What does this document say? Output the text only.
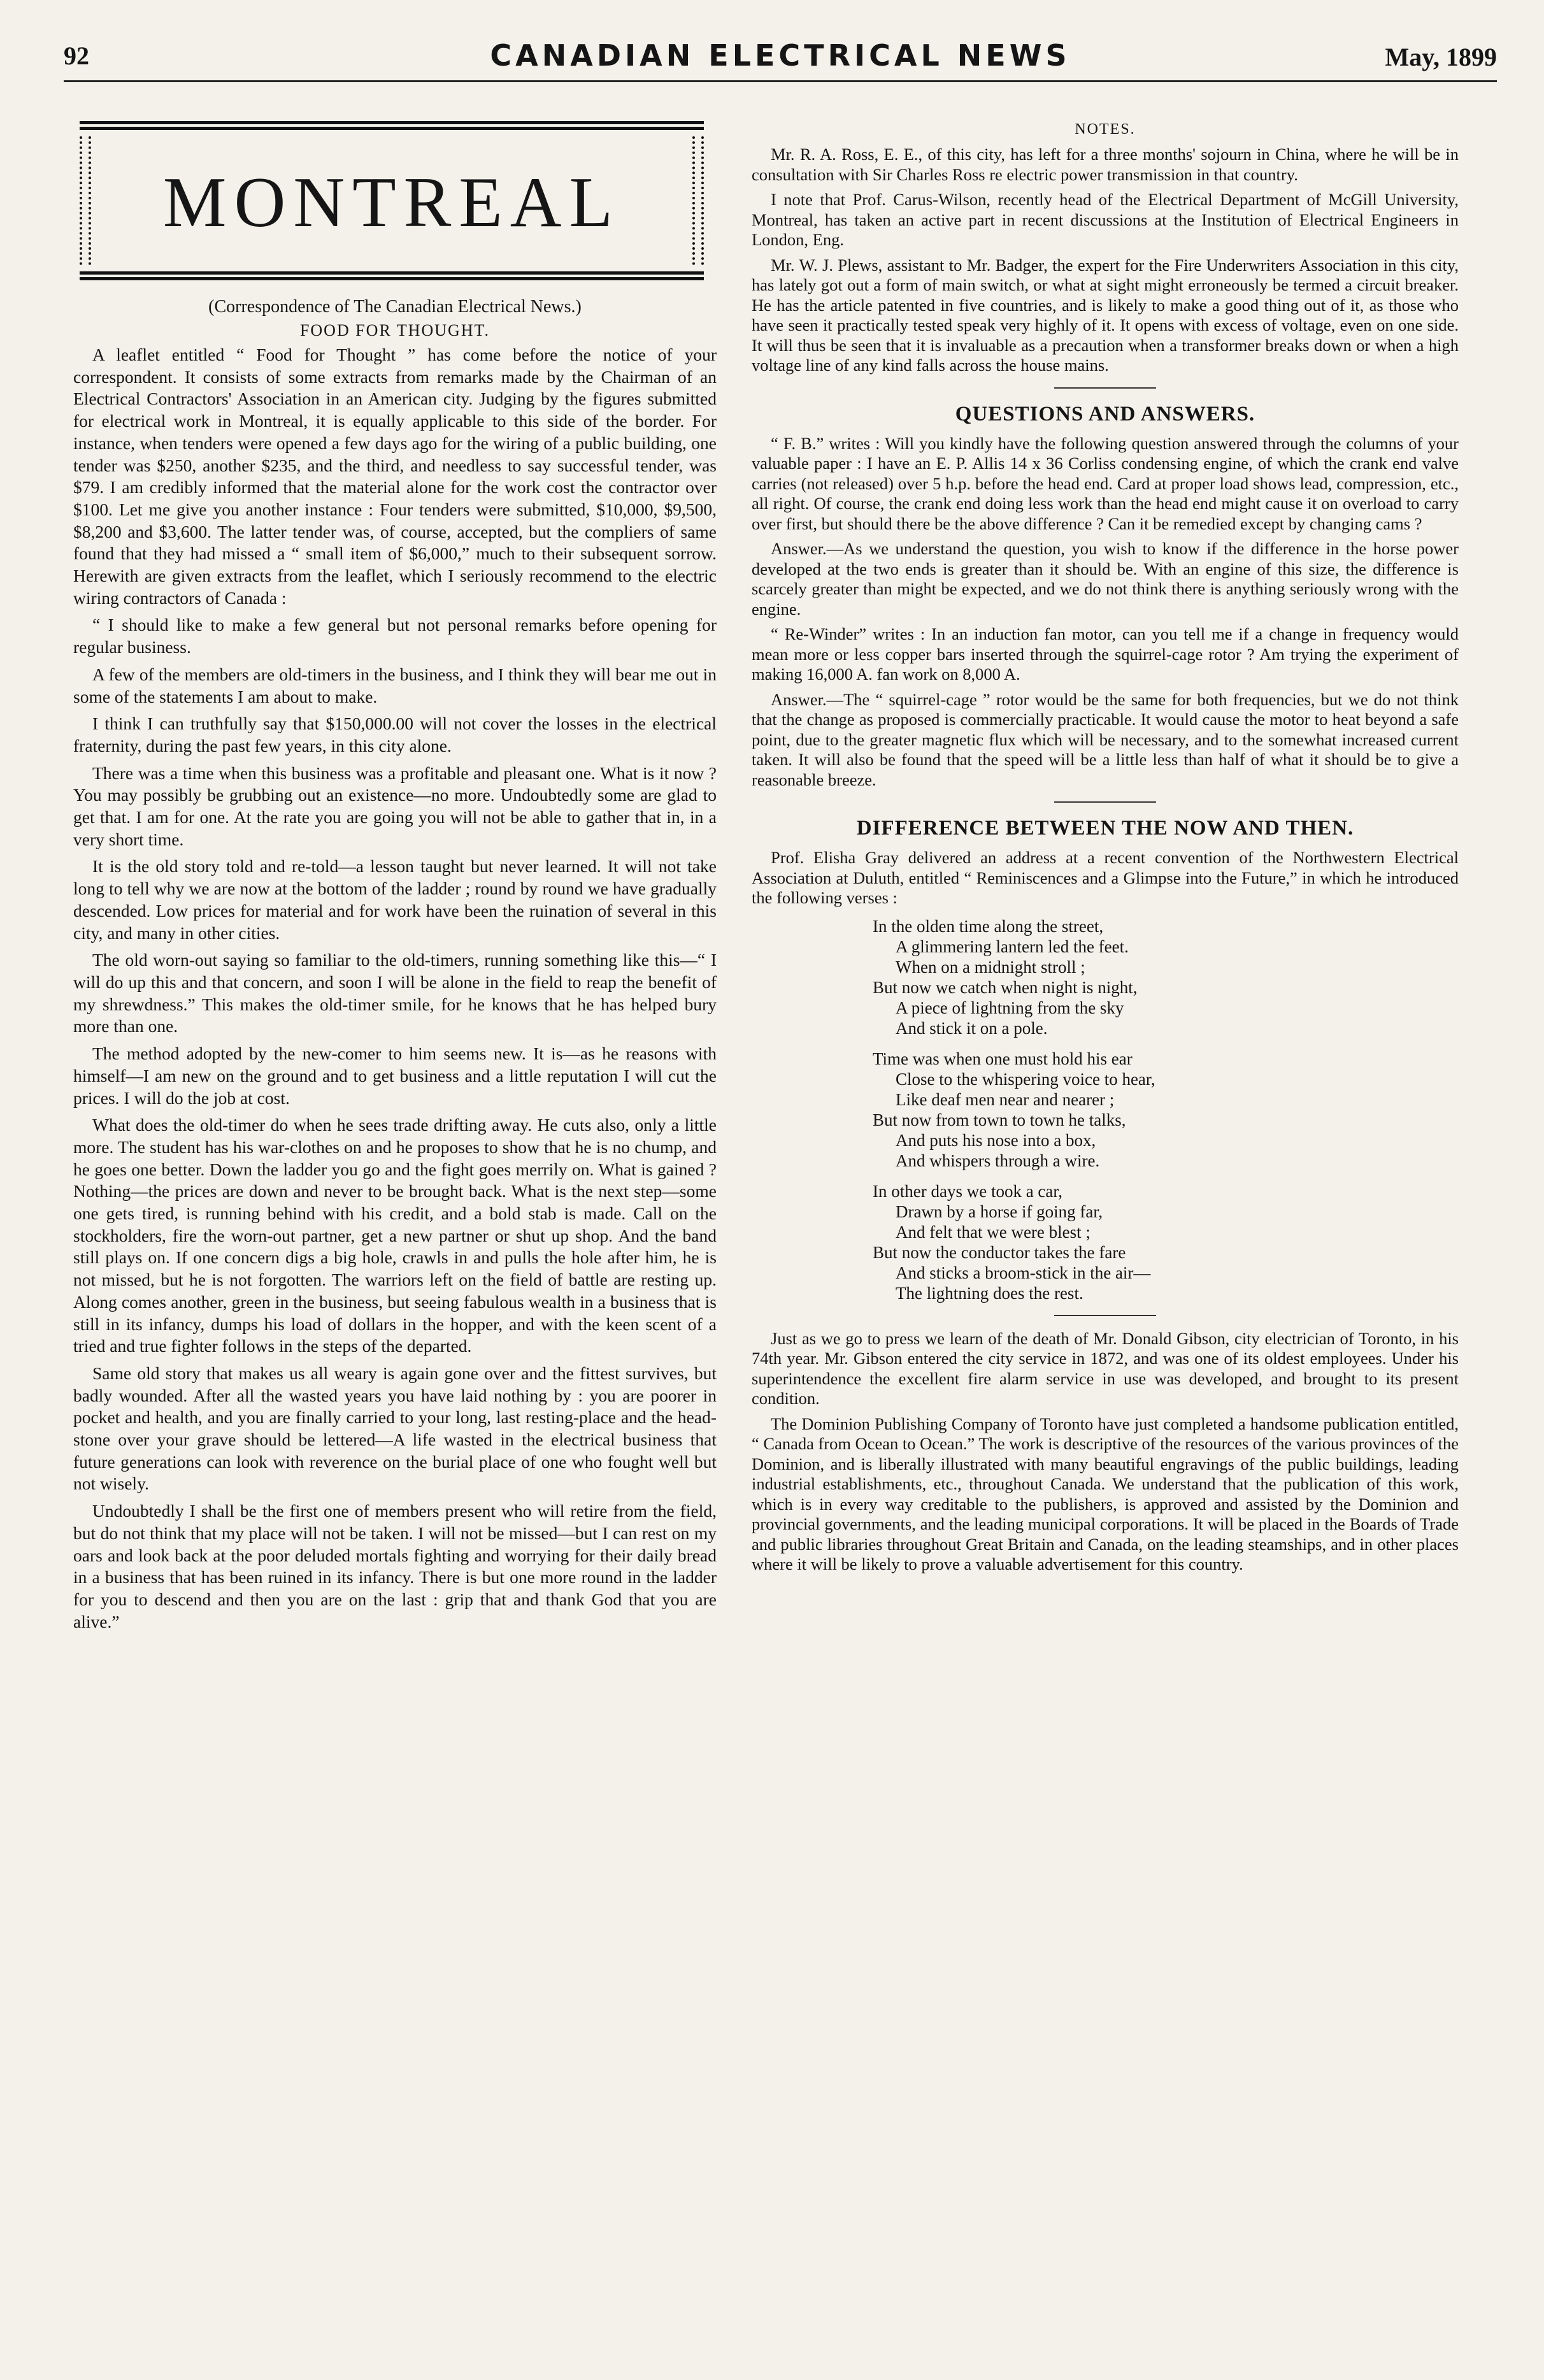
92	CANADIAN ELECTRICAL NEWS	May, 1899
MONTREAL
(Correspondence of The Canadian Electrical News.)
FOOD FOR THOUGHT.

A leaflet entitled “ Food for Thought ” has come before the notice of your correspondent. It consists of some extracts from remarks made by the Chairman of an Electrical Contractors' Association in an American city. Judging by the figures submitted for electrical work in Montreal, it is equally applicable to this side of the border. For instance, when tenders were opened a few days ago for the wiring of a public building, one tender was $250, another $235, and the third, and needless to say successful tender, was $79. I am credibly informed that the material alone for the work cost the contractor over $100. Let me give you another instance : Four tenders were submitted, $10,000, $9,500, $8,200 and $3,600. The latter tender was, of course, accepted, but the compliers of same found that they had missed a “ small item of $6,000,” much to their subsequent sorrow. Herewith are given extracts from the leaflet, which I seriously recommend to the electric wiring contractors of Canada :

“ I should like to make a few general but not personal remarks before opening for regular business.

A few of the members are old-timers in the business, and I think they will bear me out in some of the statements I am about to make.

I think I can truthfully say that $150,000.00 will not cover the losses in the electrical fraternity, during the past few years, in this city alone.

There was a time when this business was a profitable and pleasant one. What is it now ? You may possibly be grubbing out an existence—no more. Undoubtedly some are glad to get that. I am for one. At the rate you are going you will not be able to gather that in, in a very short time.

It is the old story told and re-told—a lesson taught but never learned. It will not take long to tell why we are now at the bottom of the ladder ; round by round we have gradually descended. Low prices for material and for work have been the ruination of several in this city, and many in other cities.

The old worn-out saying so familiar to the old-timers, running something like this—“ I will do up this and that concern, and soon I will be alone in the field to reap the benefit of my shrewdness.” This makes the old-timer smile, for he knows that he has helped bury more than one.

The method adopted by the new-comer to him seems new. It is—as he reasons with himself—I am new on the ground and to get business and a little reputation I will cut the prices. I will do the job at cost.

What does the old-timer do when he sees trade drifting away. He cuts also, only a little more. The student has his war-clothes on and he proposes to show that he is no chump, and he goes one better. Down the ladder you go and the fight goes merrily on. What is gained ? Nothing—the prices are down and never to be brought back. What is the next step—some one gets tired, is running behind with his credit, and a bold stab is made. Call on the stockholders, fire the worn-out partner, get a new partner or shut up shop. And the band still plays on. If one concern digs a big hole, crawls in and pulls the hole after him, he is not missed, but he is not forgotten. The warriors left on the field of battle are resting up. Along comes another, green in the business, but seeing fabulous wealth in a business that is still in its infancy, dumps his load of dollars in the hopper, and with the keen scent of a tried and true fighter follows in the steps of the departed.

Same old story that makes us all weary is again gone over and the fittest survives, but badly wounded. After all the wasted years you have laid nothing by : you are poorer in pocket and health, and you are finally carried to your long, last resting-place and the head-stone over your grave should be lettered—A life wasted in the electrical business that future generations can look with reverence on the burial place of one who fought well but not wisely.

Undoubtedly I shall be the first one of members present who will retire from the field, but do not think that my place will not be taken. I will not be missed—but I can rest on my oars and look back at the poor deluded mortals fighting and worrying for their daily bread in a business that has been ruined in its infancy. There is but one more round in the ladder for you to descend and then you are on the last : grip that and thank God that you are alive.”

NOTES.

Mr. R. A. Ross, E. E., of this city, has left for a three months' sojourn in China, where he will be in consultation with Sir Charles Ross re electric power transmission in that country.

I note that Prof. Carus-Wilson, recently head of the Electrical Department of McGill University, Montreal, has taken an active part in recent discussions at the Institution of Electrical Engineers in London, Eng.

Mr. W. J. Plews, assistant to Mr. Badger, the expert for the Fire Underwriters Association in this city, has lately got out a form of main switch, or what at sight might erroneously be termed a circuit breaker. He has the article patented in five countries, and is likely to make a good thing out of it, as those who have seen it practically tested speak very highly of it. It opens with excess of voltage, even on one side. It will thus be seen that it is invaluable as a precaution when a transformer breaks down or when a high voltage line of any kind falls across the house mains.

QUESTIONS AND ANSWERS.

“ F. B.” writes : Will you kindly have the following question answered through the columns of your valuable paper : I have an E. P. Allis 14 x 36 Corliss condensing engine, of which the crank end valve carries (not released) over 5 h.p. before the head end. Card at proper load shows lead, compression, etc., all right. Of course, the crank end doing less work than the head end might cause it on overload to carry over first, but should there be the above difference ? Can it be remedied except by changing cams ?

Answer.—As we understand the question, you wish to know if the difference in the horse power developed at the two ends is greater than it should be. With an engine of this size, the difference is scarcely greater than might be expected, and we do not think there is anything seriously wrong with the engine.

“ Re-Winder” writes : In an induction fan motor, can you tell me if a change in frequency would mean more or less copper bars inserted through the squirrel-cage rotor ? Am trying the experiment of making 16,000 A. fan work on 8,000 A.

Answer.—The “ squirrel-cage ” rotor would be the same for both frequencies, but we do not think that the change as proposed is commercially practicable. It would cause the motor to heat beyond a safe point, due to the greater magnetic flux which will be necessary, and to the somewhat increased current taken. It will also be found that the speed will be a little less than half of what it should be to give a reasonable breeze.

DIFFERENCE BETWEEN THE NOW AND THEN.

Prof. Elisha Gray delivered an address at a recent convention of the Northwestern Electrical Association at Duluth, entitled “ Reminiscences and a Glimpse into the Future,” in which he introduced the following verses :

In the olden time along the street,
A glimmering lantern led the feet.
When on a midnight stroll ;
But now we catch when night is night,
A piece of lightning from the sky
And stick it on a pole.
Time was when one must hold his ear
Close to the whispering voice to hear,
Like deaf men near and nearer ;
But now from town to town he talks,
And puts his nose into a box,
And whispers through a wire.
In other days we took a car,
Drawn by a horse if going far,
And felt that we were blest ;
But now the conductor takes the fare
And sticks a broom-stick in the air—
The lightning does the rest.

Just as we go to press we learn of the death of Mr. Donald Gibson, city electrician of Toronto, in his 74th year. Mr. Gibson entered the city service in 1872, and was one of its oldest employees. Under his superintendence the excellent fire alarm service in use was developed, and brought to its present condition.

The Dominion Publishing Company of Toronto have just completed a handsome publication entitled, “ Canada from Ocean to Ocean.” The work is descriptive of the resources of the various provinces of the Dominion, and is liberally illustrated with many beautiful engravings of the public buildings, leading industrial establishments, etc., throughout Canada. We understand that the publication of this work, which is in every way creditable to the publishers, is approved and assisted by the Dominion and provincial governments, and the leading municipal corporations. It will be placed in the Boards of Trade and public libraries throughout Great Britain and Canada, on the leading steamships, and in other places where it will be likely to prove a valuable advertisement for this country.
